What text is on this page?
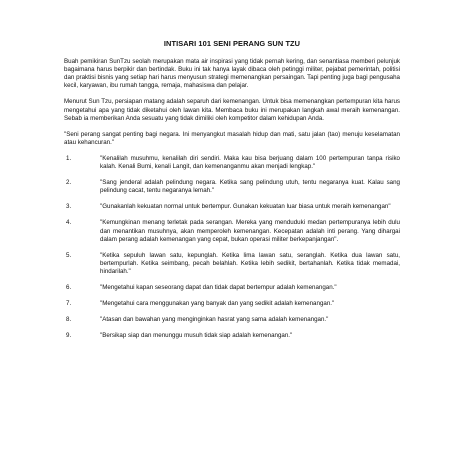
INTISARI 101 SENI PERANG SUN TZU

Buah pemikiran SunTzu seolah merupakan mata air inspirasi yang tidak pernah kering, dan senantiasa memberi pelunjuk bagaimana harus berpikir dan bertindak. Buku ini tak hanya layak dibaca oleh petinggi militer, pejabat pemerintah, politisi dan praktisi bisnis yang setiap hari harus menyusun strategi memenangkan persaingan. Tapi penting juga bagi pengusaha kecil, karyawan, ibu rumah tangga, remaja, mahasiswa dan pelajar.

Menurut Sun Tzu, persiapan matang adalah separuh dari kemenangan. Untuk bisa memenangkan pertempuran kita harus mengetahui apa yang tidak diketahui oleh lawan kita. Membaca buku ini merupakan langkah awal meraih kemenangan. Sebab ia memberikan Anda sesuatu yang tidak dimiliki oleh kompetitor dalam kehidupan Anda.

"Seni perang sangat penting bagi negara. Ini menyangkut masalah hidup dan mati, satu jalan (tao) menuju keselamatan atau kehancuran."

1.	"Kenalilah musuhmu, kenalilah diri sendiri. Maka kau bisa berjuang dalam 100 pertempuran tanpa risiko kalah. Kenali Bumi, kenali Langit, dan kemenanganmu akan menjadi lengkap."
2.	"Sang jenderal adalah pelindung negara. Ketika sang pelindung utuh, tentu negaranya kuat. Kalau sang pelindung cacat, tentu negaranya lemah."
3.	"Gunakanlah kekuatan normal untuk bertempur. Gunakan kekuatan luar biasa untuk meraih kemenangan"
4.	"Kemungkinan menang terletak pada serangan. Mereka yang menduduki medan pertempuranya lebih dulu dan menantikan musuhnya, akan memperoleh kemenangan. Kecepatan adalah inti perang. Yang dihargai dalam perang adalah kemenangan yang cepat, bukan operasi militer berkepanjangan".
5.	"Ketika sepuluh lawan satu, kepunglah. Ketika lima lawan satu, seranglah. Ketika dua lawan satu, bertempurlah. Ketika seimbang, pecah belahlah. Ketika lebih sedikit, bertahanlah. Ketika tidak memadai, hindarilah."
6.	"Mengetahui kapan seseorang dapat dan tidak dapat bertempur adalah kemenangan."
7.	"Mengetahui cara menggunakan yang banyak dan yang sedikit adalah kemenangan."
8.	"Atasan dan bawahan yang menginginkan hasrat yang sama adalah kemenangan."
9.	"Bersikap siap dan menunggu musuh tidak siap adalah kemenangan."
